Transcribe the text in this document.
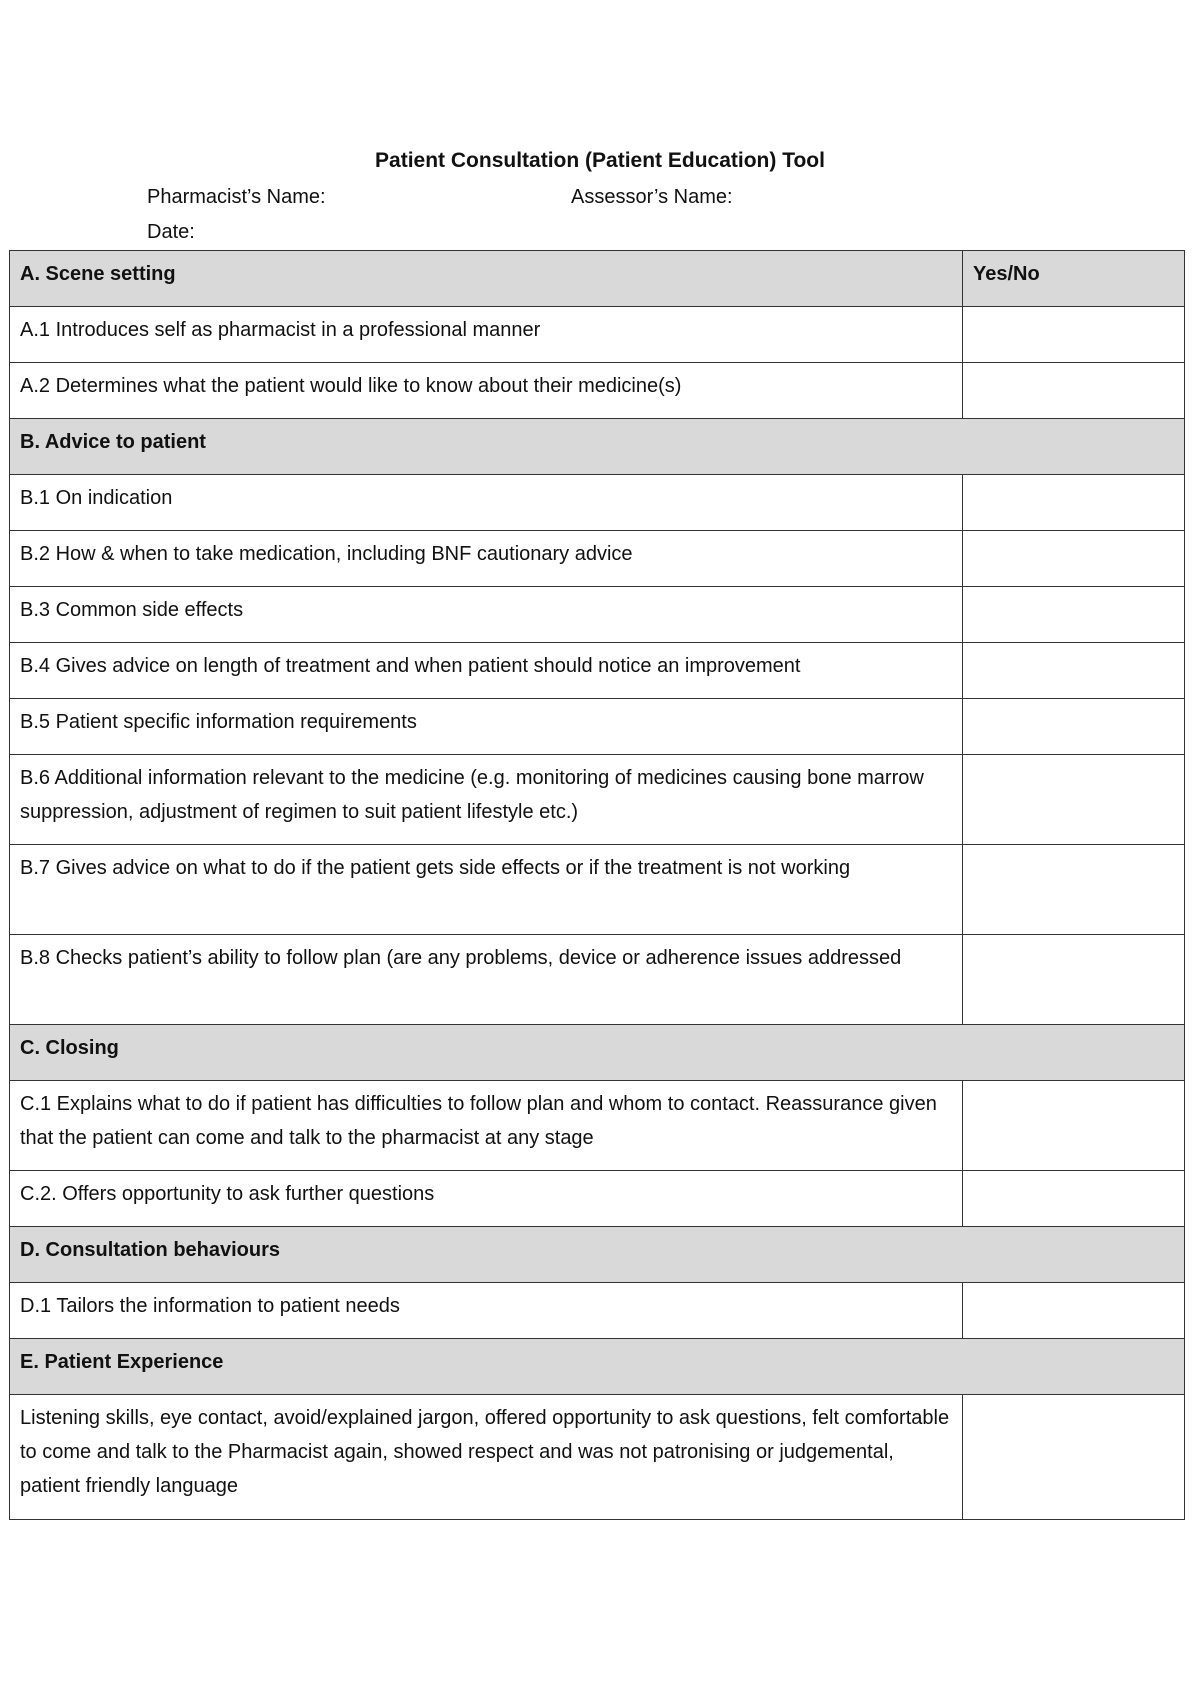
Patient Consultation (Patient Education) Tool
Pharmacist’s Name:	Assessor’s Name:
Date:
A. Scene setting	Yes/No
A.1 Introduces self as pharmacist in a professional manner	
A.2 Determines what the patient would like to know about their medicine(s)	
B. Advice to patient	
B.1 On indication	
B.2 How & when to take medication, including BNF cautionary advice	
B.3 Common side effects	
B.4 Gives advice on length of treatment and when patient should notice an improvement	
B.5 Patient specific information requirements	
B.6 Additional information relevant to the medicine (e.g. monitoring of medicines causing bone marrow suppression, adjustment of regimen to suit patient lifestyle etc.)	
B.7 Gives advice on what to do if the patient gets side effects or if the treatment is not working	
B.8 Checks patient’s ability to follow plan (are any problems, device or adherence issues addressed	
C. Closing	
C.1 Explains what to do if patient has difficulties to follow plan and whom to contact. Reassurance given that the patient can come and talk to the pharmacist at any stage	
C.2. Offers opportunity to ask further questions	
D. Consultation behaviours	
D.1 Tailors the information to patient needs	
E. Patient Experience	
Listening skills, eye contact, avoid/explained jargon, offered opportunity to ask questions, felt comfortable to come and talk to the Pharmacist again, showed respect and was not patronising or judgemental, patient friendly language	
